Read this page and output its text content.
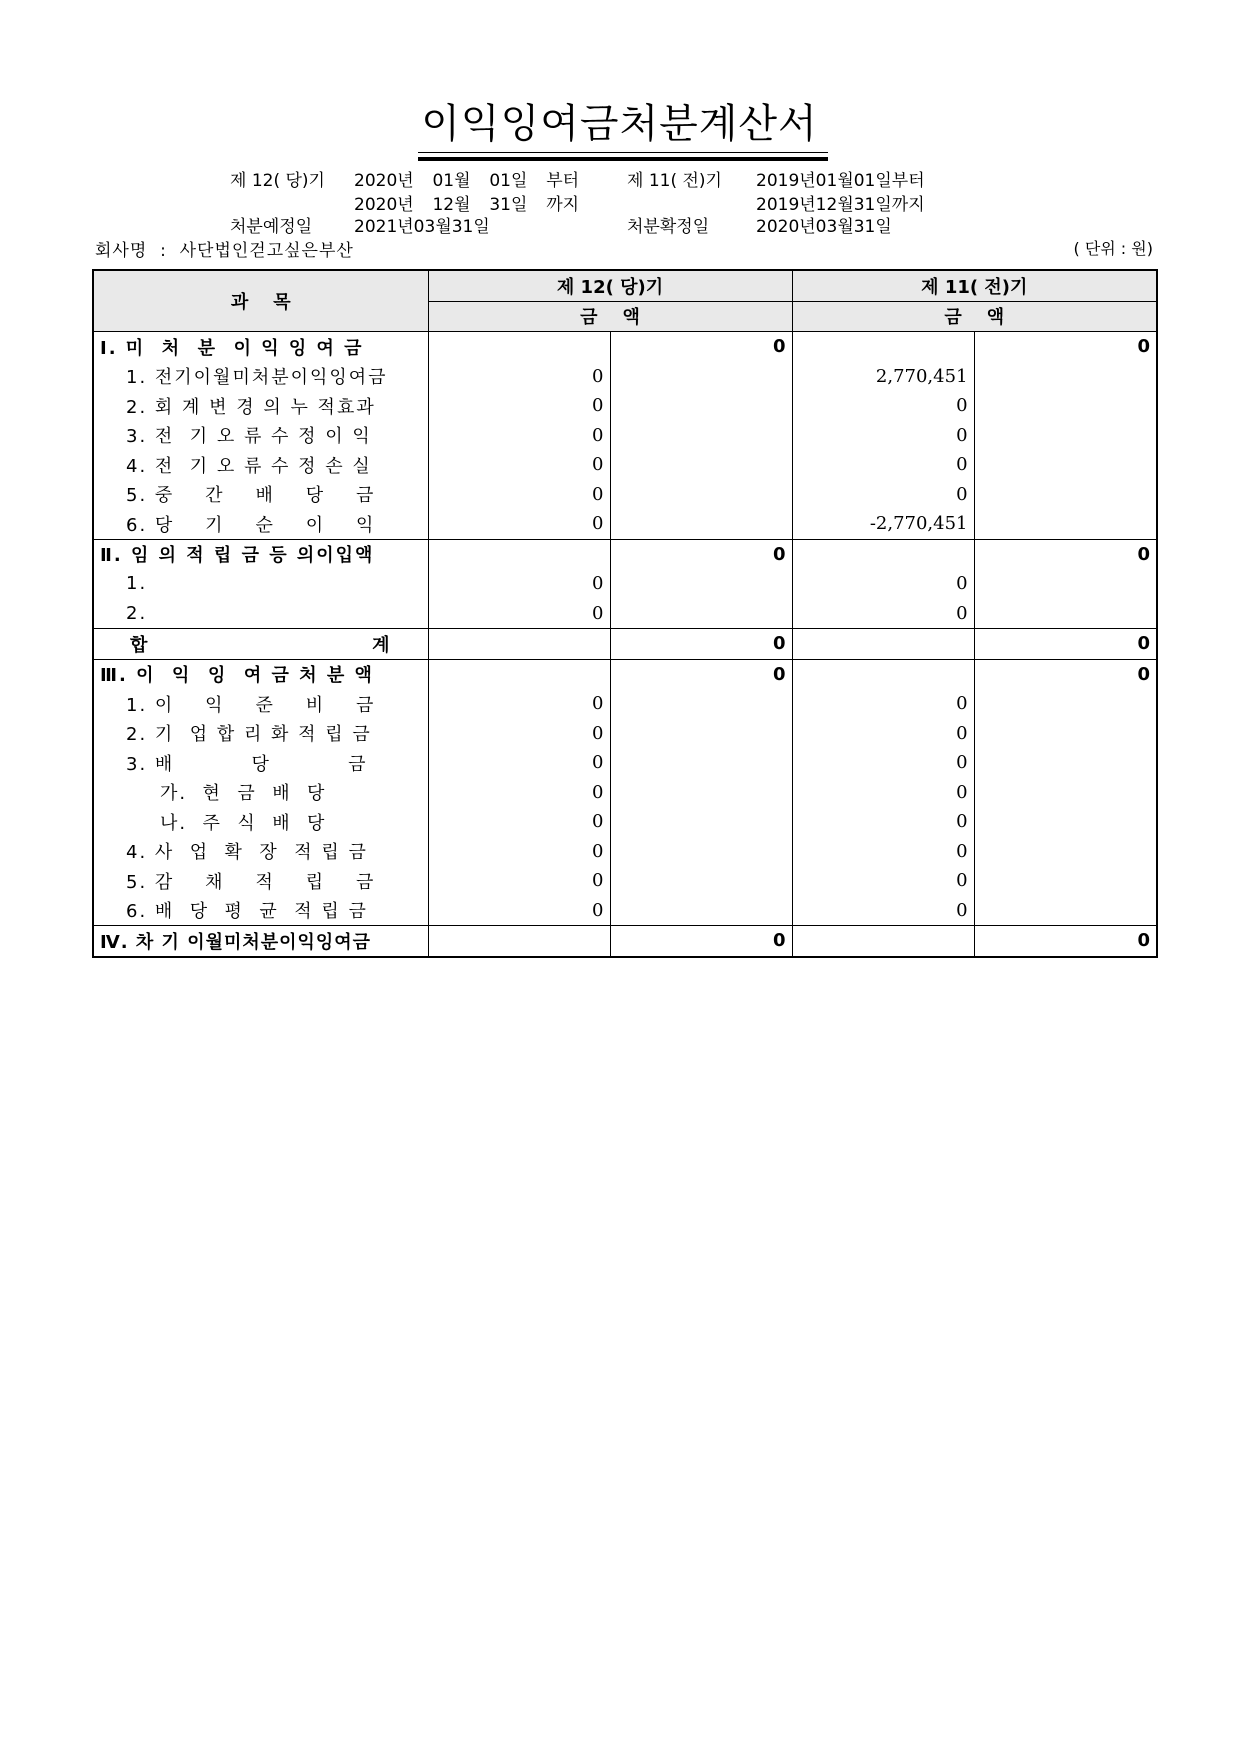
이익잉여금처분계산서
제 12( 당)기 2020년  01월  01일  부터
2020년  12월  31일  까지
처분예정일 2021년03월31일
제 11( 전)기 2019년01월01일부터
2019년12월31일까지
처분확정일	2020년03월31일
회사명  :  사단법인걷고싶은부산	( 단위 : 원)
과    목	제 12( 당)기		제 11( 전)기	
	금    액		금    액	
Ⅰ. 미  처  분  이 익 잉 여 금		0		0
1. 전기이월미처분이익잉여금	0		2,770,451	
2. 회 계 변 경 의 누 적효과	0		0	
3. 전  기 오 류 수 정 이 익	0		0	
4. 전  기 오 류 수 정 손 실	0		0	
5. 중    간    배    당    금	0		0	
6. 당    기    순    이    익	0		-2,770,451	
Ⅱ. 임 의 적 립 금 등 의이입액		0		0
1.	0		0	
2.	0		0	

합 계		0		0
Ⅲ. 이  익  잉  여 금 처 분 액		0		0
1. 이    익    준    비    금	0		0	
2. 기  업 합 리 화 적 립 금	0		0	
3. 배          당          금	0		0	
가.  현  금  배  당	0		0	
나.  주  식  배  당	0		0	
4. 사  업  확  장  적 립 금	0		0	
5. 감    채    적    립    금	0		0	
6. 배  당  평  균  적 립 금	0		0	
Ⅳ. 차 기 이월미처분이익잉여금		0		0
